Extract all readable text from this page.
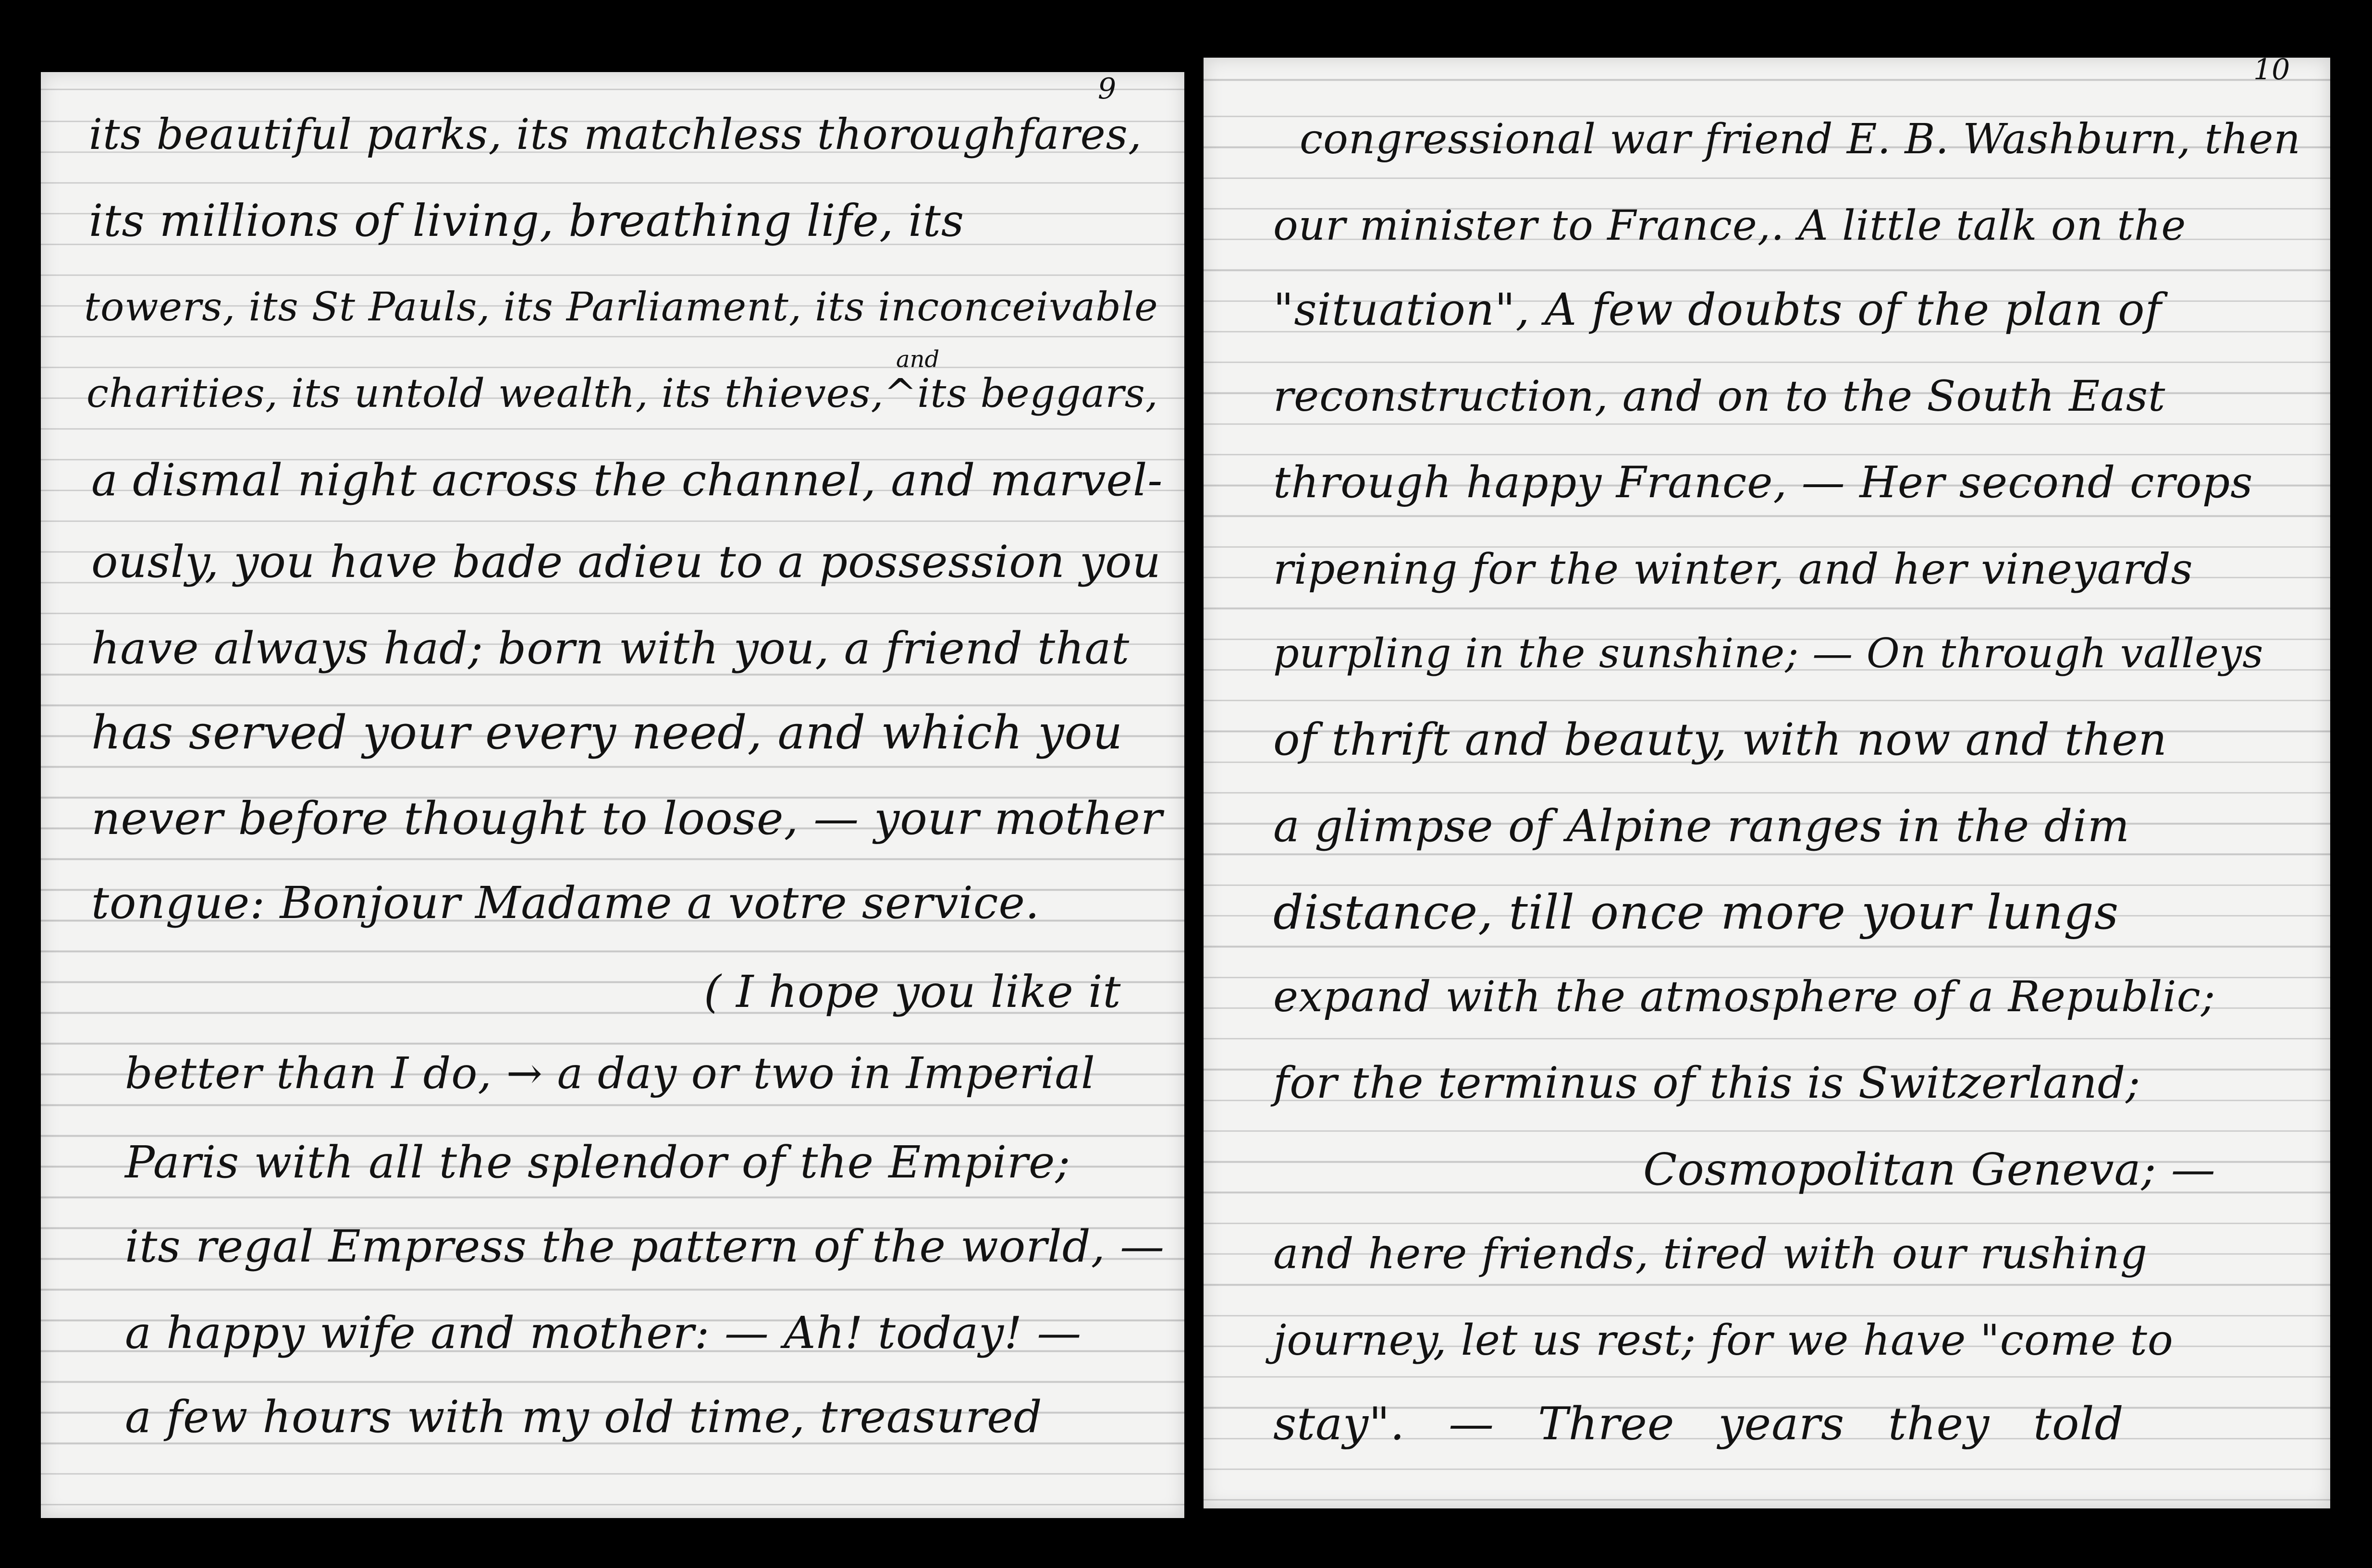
9
and
its beautiful parks, its matchless thoroughfares,
its millions of living, breathing life, its
towers, its St Pauls, its Parliament, its inconceivable
charities, its untold wealth, its thieves,^its beggars,
a dismal night across the channel, and marvel-
ously, you have bade adieu to a possession you
have always had; born with you, a friend that
has served your every need, and which you
never before thought to loose, — your mother
tongue: Bonjour Madame a votre service.
( I hope you like it
better than I do, → a day or two in Imperial
Paris with all the splendor of the Empire;
its regal Empress the pattern of the world, —
a happy wife and mother: — Ah! today! —
a few hours with my old time, treasured
10
congressional war friend E. B. Washburn, then
our minister to France,. A little talk on the
"situation", A few doubts of the plan of
reconstruction, and on to the South East
through happy France, — Her second crops
ripening for the winter, and her vineyards
purpling in the sunshine; — On through valleys
of thrift and beauty, with now and then
a glimpse of Alpine ranges in the dim
distance, till once more your lungs
expand with the atmosphere of a Republic;
for the terminus of this is Switzerland;
Cosmopolitan Geneva; —
and here friends, tired with our rushing
journey, let us rest; for we have "come to
stay". — Three years they told
